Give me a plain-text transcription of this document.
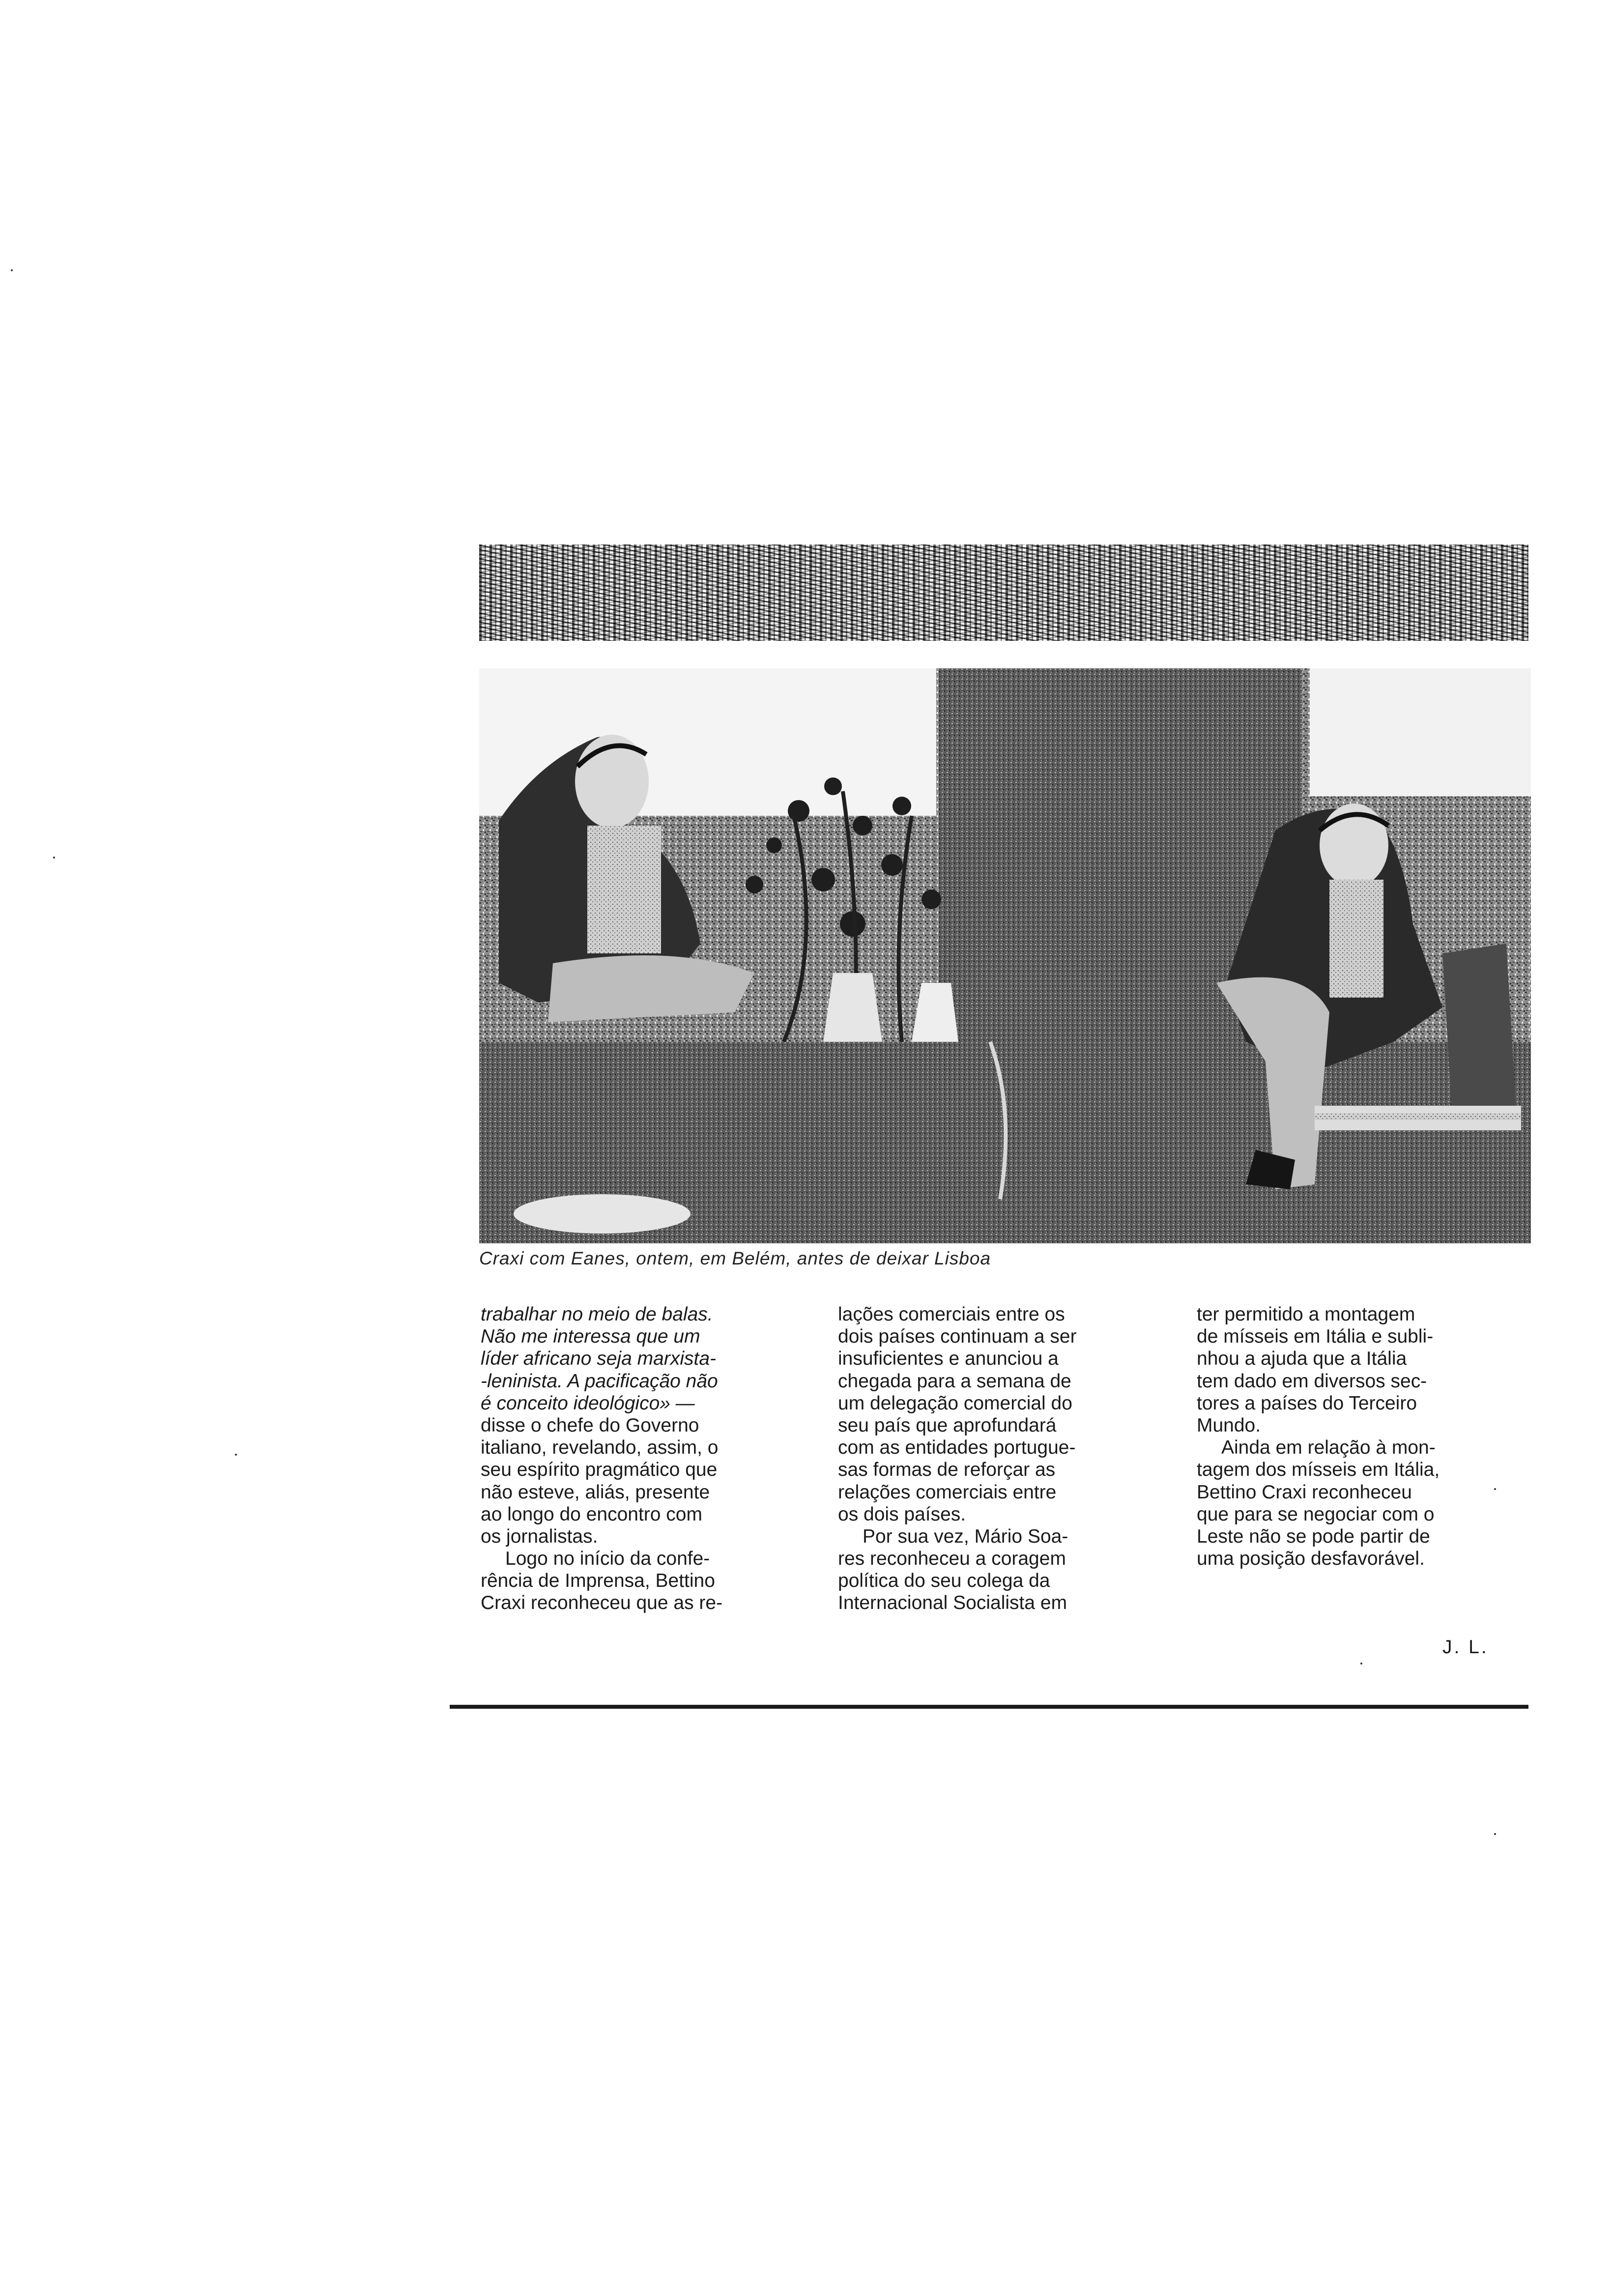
Craxi com Eanes, ontem, em Belém, antes de deixar Lisboa
trabalhar no meio de balas.
Não me interessa que um
líder africano seja marxista-
-leninista. A pacificação não
é conceito ideológico» —
disse o chefe do Governo
italiano, revelando, assim, o
seu espírito pragmático que
não esteve, aliás, presente
ao longo do encontro com
os jornalistas.
Logo no início da confe-
rência de Imprensa, Bettino
Craxi reconheceu que as re-
lações comerciais entre os
dois países continuam a ser
insuficientes e anunciou a
chegada para a semana de
um delegação comercial do
seu país que aprofundará
com as entidades portugue-
sas formas de reforçar as
relações comerciais entre
os dois países.
Por sua vez, Mário Soa-
res reconheceu a coragem
política do seu colega da
Internacional Socialista em
ter permitido a montagem
de mísseis em Itália e subli-
nhou a ajuda que a Itália
tem dado em diversos sec-
tores a países do Terceiro
Mundo.
Ainda em relação à mon-
tagem dos mísseis em Itália,
Bettino Craxi reconheceu
que para se negociar com o
Leste não se pode partir de
uma posição desfavorável.
J. L.
